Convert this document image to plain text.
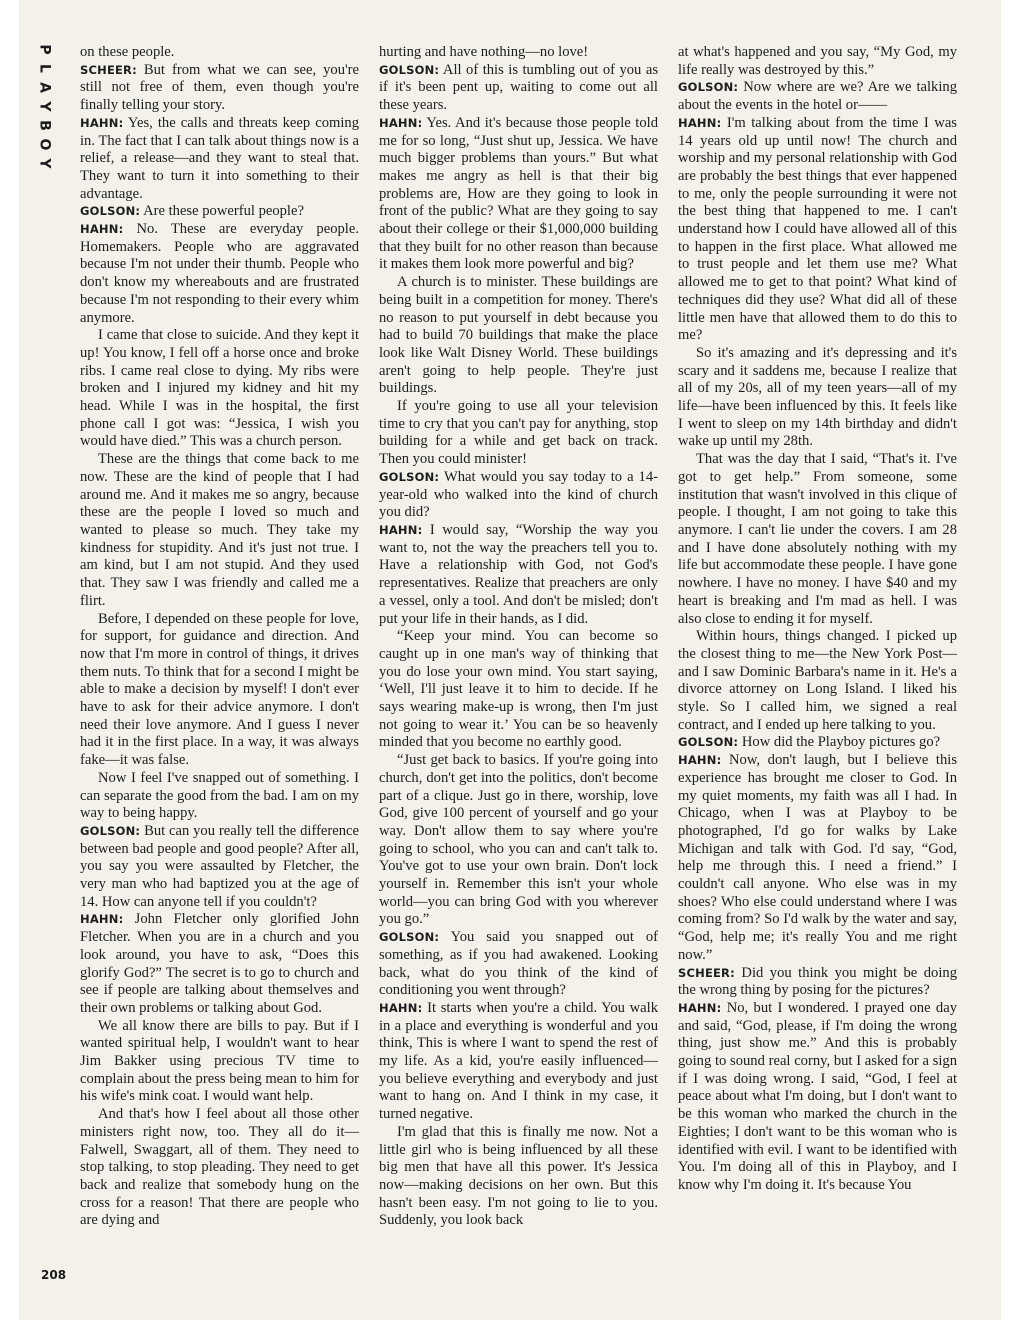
P
L
A
Y
B
O
Y

on these people.

SCHEER: But from what we can see, you're still not free of them, even though you're finally telling your story.

HAHN: Yes, the calls and threats keep coming in. The fact that I can talk about things now is a relief, a release—and they want to steal that. They want to turn it into something to their advantage.

GOLSON: Are these powerful people?

HAHN: No. These are everyday people. Homemakers. People who are aggravated because I'm not under their thumb. People who don't know my whereabouts and are frustrated because I'm not responding to their every whim anymore.

I came that close to suicide. And they kept it up! You know, I fell off a horse once and broke ribs. I came real close to dying. My ribs were broken and I injured my kidney and hit my head. While I was in the hospital, the first phone call I got was: “Jessica, I wish you would have died.” This was a church person.

These are the things that come back to me now. These are the kind of people that I had around me. And it makes me so angry, because these are the people I loved so much and wanted to please so much. They take my kindness for stupidity. And it's just not true. I am kind, but I am not stupid. And they used that. They saw I was friendly and called me a flirt.

Before, I depended on these people for love, for support, for guidance and direction. And now that I'm more in control of things, it drives them nuts. To think that for a second I might be able to make a decision by myself! I don't ever have to ask for their advice anymore. I don't need their love anymore. And I guess I never had it in the first place. In a way, it was always fake—it was false.

Now I feel I've snapped out of something. I can separate the good from the bad. I am on my way to being happy.

GOLSON: But can you really tell the difference between bad people and good people? After all, you say you were assaulted by Fletcher, the very man who had baptized you at the age of 14. How can anyone tell if you couldn't?

HAHN: John Fletcher only glorified John Fletcher. When you are in a church and you look around, you have to ask, “Does this glorify God?” The secret is to go to church and see if people are talking about themselves and their own problems or talking about God.

We all know there are bills to pay. But if I wanted spiritual help, I wouldn't want to hear Jim Bakker using precious TV time to complain about the press being mean to him for his wife's mink coat. I would want help.

And that's how I feel about all those other ministers right now, too. They all do it—Falwell, Swaggart, all of them. They need to stop talking, to stop pleading. They need to get back and realize that somebody hung on the cross for a reason! That there are people who are dying and

hurting and have nothing—no love!

GOLSON: All of this is tumbling out of you as if it's been pent up, waiting to come out all these years.

HAHN: Yes. And it's because those people told me for so long, “Just shut up, Jessica. We have much bigger problems than yours.” But what makes me angry as hell is that their big problems are, How are they going to look in front of the public? What are they going to say about their college or their $1,000,000 building that they built for no other reason than because it makes them look more powerful and big?

A church is to minister. These buildings are being built in a competition for money. There's no reason to put yourself in debt because you had to build 70 buildings that make the place look like Walt Disney World. These buildings aren't going to help people. They're just buildings.

If you're going to use all your television time to cry that you can't pay for anything, stop building for a while and get back on track. Then you could minister!

GOLSON: What would you say today to a 14-year-old who walked into the kind of church you did?

HAHN: I would say, “Worship the way you want to, not the way the preachers tell you to. Have a relationship with God, not God's representatives. Realize that preachers are only a vessel, only a tool. And don't be misled; don't put your life in their hands, as I did.

“Keep your mind. You can become so caught up in one man's way of thinking that you do lose your own mind. You start saying, ‘Well, I'll just leave it to him to decide. If he says wearing make-up is wrong, then I'm just not going to wear it.’ You can be so heavenly minded that you become no earthly good.

“Just get back to basics. If you're going into church, don't get into the politics, don't become part of a clique. Just go in there, worship, love God, give 100 percent of yourself and go your way. Don't allow them to say where you're going to school, who you can and can't talk to. You've got to use your own brain. Don't lock yourself in. Remember this isn't your whole world—you can bring God with you wherever you go.”

GOLSON: You said you snapped out of something, as if you had awakened. Looking back, what do you think of the kind of conditioning you went through?

HAHN: It starts when you're a child. You walk in a place and everything is wonderful and you think, This is where I want to spend the rest of my life. As a kid, you're easily influenced—you believe everything and everybody and just want to hang on. And I think in my case, it turned negative.

I'm glad that this is finally me now. Not a little girl who is being influenced by all these big men that have all this power. It's Jessica now—making decisions on her own. But this hasn't been easy. I'm not going to lie to you. Suddenly, you look back

at what's happened and you say, “My God, my life really was destroyed by this.”

GOLSON: Now where are we? Are we talking about the events in the hotel or——

HAHN: I'm talking about from the time I was 14 years old up until now! The church and worship and my personal relationship with God are probably the best things that ever happened to me, only the people surrounding it were not the best thing that happened to me. I can't understand how I could have allowed all of this to happen in the first place. What allowed me to trust people and let them use me? What allowed me to get to that point? What kind of techniques did they use? What did all of these little men have that allowed them to do this to me?

So it's amazing and it's depressing and it's scary and it saddens me, because I realize that all of my 20s, all of my teen years—all of my life—have been influenced by this. It feels like I went to sleep on my 14th birthday and didn't wake up until my 28th.

That was the day that I said, “That's it. I've got to get help.” From someone, some institution that wasn't involved in this clique of people. I thought, I am not going to take this anymore. I can't lie under the covers. I am 28 and I have done absolutely nothing with my life but accommodate these people. I have gone nowhere. I have no money. I have $40 and my heart is breaking and I'm mad as hell. I was also close to ending it for myself.

Within hours, things changed. I picked up the closest thing to me—the New York Post—and I saw Dominic Barbara's name in it. He's a divorce attorney on Long Island. I liked his style. So I called him, we signed a real contract, and I ended up here talking to you.

GOLSON: How did the Playboy pictures go?

HAHN: Now, don't laugh, but I believe this experience has brought me closer to God. In my quiet moments, my faith was all I had. In Chicago, when I was at Playboy to be photographed, I'd go for walks by Lake Michigan and talk with God. I'd say, “God, help me through this. I need a friend.” I couldn't call anyone. Who else was in my shoes? Who else could understand where I was coming from? So I'd walk by the water and say, “God, help me; it's really You and me right now.”

SCHEER: Did you think you might be doing the wrong thing by posing for the pictures?

HAHN: No, but I wondered. I prayed one day and said, “God, please, if I'm doing the wrong thing, just show me.” And this is probably going to sound real corny, but I asked for a sign if I was doing wrong. I said, “God, I feel at peace about what I'm doing, but I don't want to be this woman who marked the church in the Eighties; I don't want to be this woman who is identified with evil. I want to be identified with You. I'm doing all of this in Playboy, and I know why I'm doing it. It's because You

208
